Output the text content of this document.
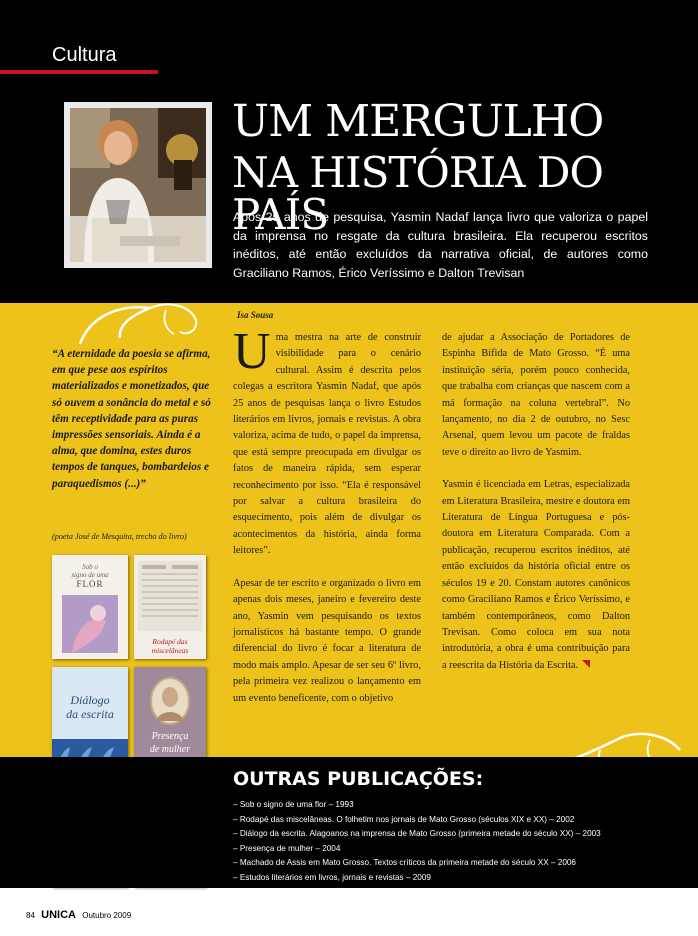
Cultura
UM MERGULHO
NA HISTÓRIA DO PAÍS

Após 25 anos de pesquisa, Yasmin Nadaf lança livro que valoriza o papel da imprensa no resgate da cultura brasileira. Ela recuperou escritos inéditos, até então excluídos da narrativa oficial, de autores como Graciliano Ramos, Érico Veríssimo e Dalton Trevisan

Isa Sousa

“A eternidade da poesia se afirma, em que pese aos espíritos materializados e monetizados, que só ouvem a sonância do metal e só têm receptividade para as puras impressões sensoriais. Ainda é a alma, que domina, estes duros tempos de tanques, bombardeios e paraquedismos (...)”

(poeta José de Mesquita, trecho do livro)

Uma mestra na arte de construir visibilidade para o cenário cultural. Assim é descrita pelos colegas a escritora Yasmin Nadaf, que após 25 anos de pesquisas lança o livro Estudos literários em livros, jornais e revistas. A obra valoriza, acima de tudo, o papel da imprensa, que está sempre preocupada em divulgar os fatos de maneira rápida, sem esperar reconhecimento por isso. “Ela é responsável por salvar a cultura brasileira do esquecimento, pois além de divulgar os acontecimentos da história, ainda forma leitores”.

Apesar de ter escrito e organizado o livro em apenas dois meses, janeiro e fevereiro deste ano, Yasmin vem pesquisando os textos jornalísticos há bastante tempo. O grande diferencial do livro é focar a literatura de modo mais amplo. Apesar de ser seu 6º livro, pela primeira vez realizou o lançamento em um evento beneficente, com o objetivo

de ajudar a Associação de Portadores de Espinha Bífida de Mato Grosso. “É uma instituição séria, porém pouco conhecida, que trabalha com crianças que nascem com a má formação na coluna vertebral”. No lançamento, no dia 2 de outubro, no Sesc Arsenal, quem levou um pacote de fraldas teve o direito ao livro de Yasmim.

Yasmin é licenciada em Letras, especializada em Literatura Brasileira, mestre e doutora em Literatura de Língua Portuguesa e pós-doutora em Literatura Comparada. Com a publicação, recuperou escritos inéditos, até então excluídos da história oficial entre os séculos 19 e 20. Constam autores canônicos como Graciliano Ramos e Érico Veríssimo, e também contemporâneos, como Dalton Trevisan. Como coloca em sua nota introdutória, a obra é uma contribuição para a reescrita da História da Escrita.

Sob o
signo de uma
FLOR
Rodapé das miscelâneas
Diálogo
da escrita
Presença
de mulher
OUTRAS PUBLICAÇÕES:
– Sob o signo de uma flor – 1993
– Rodapé das miscelâneas. O folhetim nos jornais de Mato Grosso (séculos XIX e XX) – 2002
– Diálogo da escrita. Alagoanos na imprensa de Mato Grosso (primeira metade do século XX) – 2003
– Presença de mulher – 2004
– Machado de Assis em Mato Grosso. Textos críticos da primeira metade do século XX – 2006
– Estudos literários em livros, jornais e revistas – 2009
84 UNICA Outubro 2009
